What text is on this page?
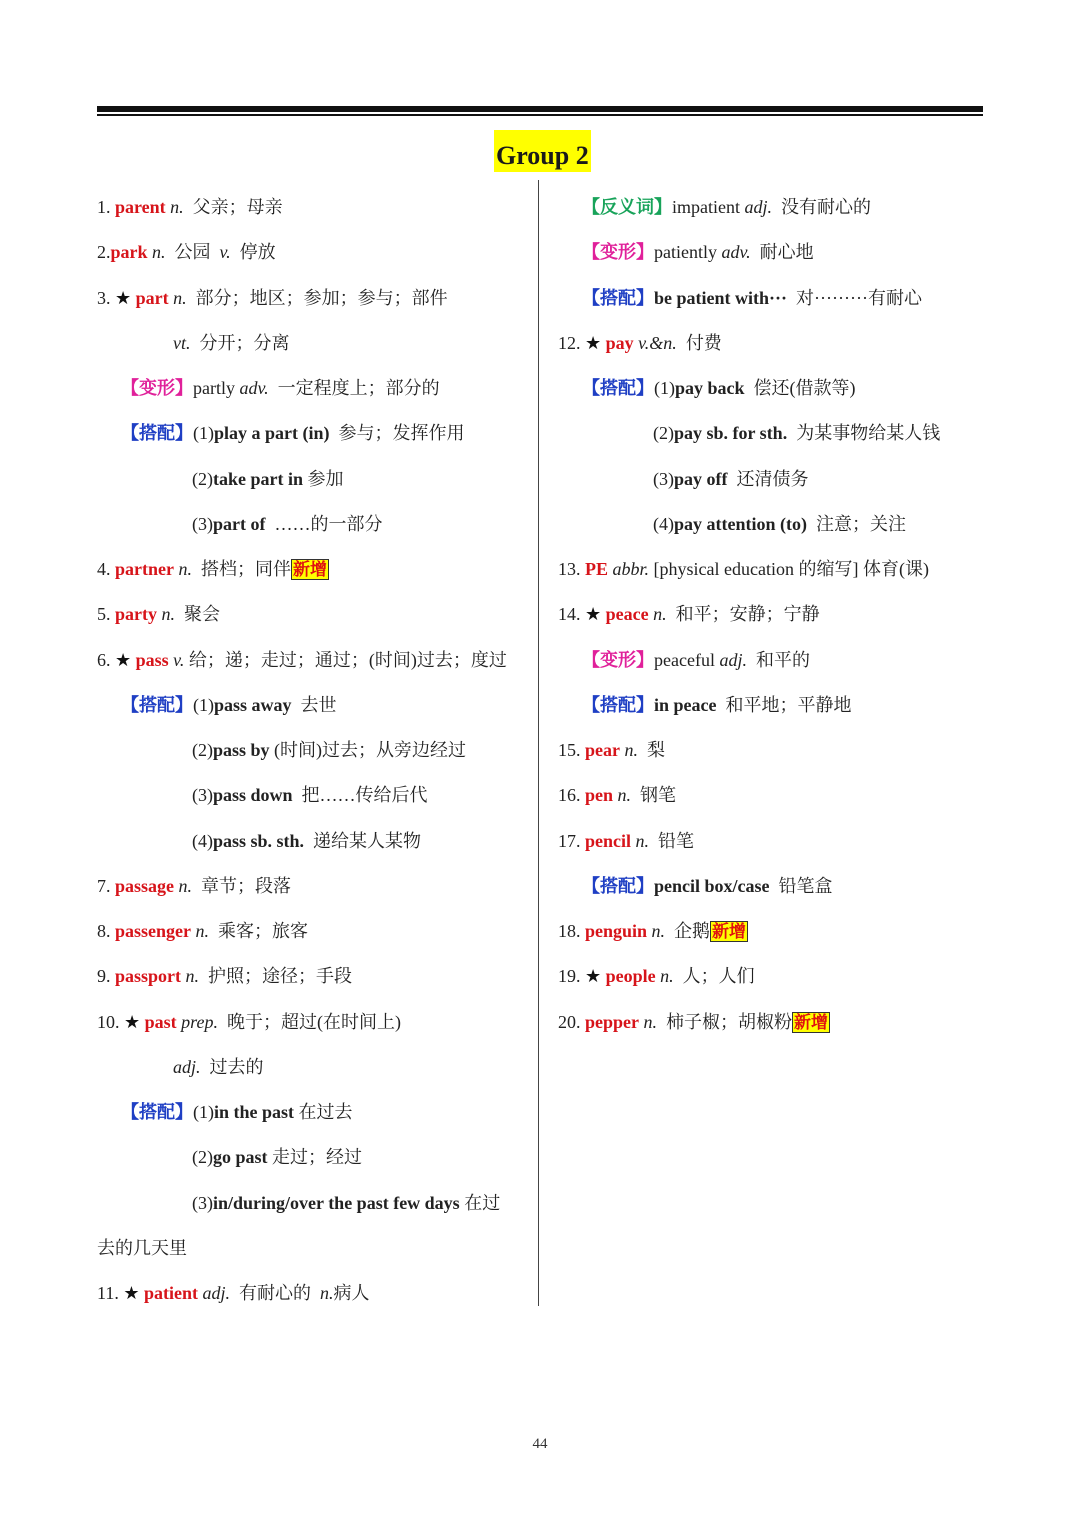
Group 2
1. parent n. 父亲；母亲
2.park n. 公园 v. 停放
3. ★ part n. 部分；地区；参加；参与；部件
vt. 分开；分离
【变形】partly adv. 一定程度上；部分的
【搭配】(1)play a part (in) 参与；发挥作用
(2)take part in 参加
(3)part of ……的一部分
4. partner n. 搭档；同伴 新增
5. party n. 聚会
6. ★ pass v. 给；递；走过；通过；(时间)过去；度过
【搭配】(1)pass away 去世
(2)pass by (时间)过去；从旁边经过
(3)pass down 把……传给后代
(4)pass sb. sth. 递给某人某物
7. passage n. 章节；段落
8. passenger n. 乘客；旅客
9. passport n. 护照；途径；手段
10. ★ past prep. 晚于；超过(在时间上)
adj. 过去的
【搭配】(1)in the past 在过去
(2)go past 走过；经过
(3)in/during/over the past few days 在过
去的几天里
11. ★ patient adj. 有耐心的 n.病人
【反义词】impatient adj. 没有耐心的
【变形】patiently adv. 耐心地
【搭配】be patient with··· 对·········有耐心
12. ★ pay v.&n. 付费
【搭配】(1)pay back 偿还(借款等)
(2)pay sb. for sth. 为某事物给某人钱
(3)pay off 还清债务
(4)pay attention (to) 注意；关注
13. PE abbr. [physical education 的缩写] 体育(课)
14. ★ peace n. 和平；安静；宁静
【变形】peaceful adj. 和平的
【搭配】in peace 和平地；平静地
15. pear n. 梨
16. pen n. 钢笔
17. pencil n. 铅笔
【搭配】pencil box/case 铅笔盒
18. penguin n. 企鹅 新增
19. ★ people n. 人；人们
20. pepper n. 柿子椒；胡椒粉 新增
44
